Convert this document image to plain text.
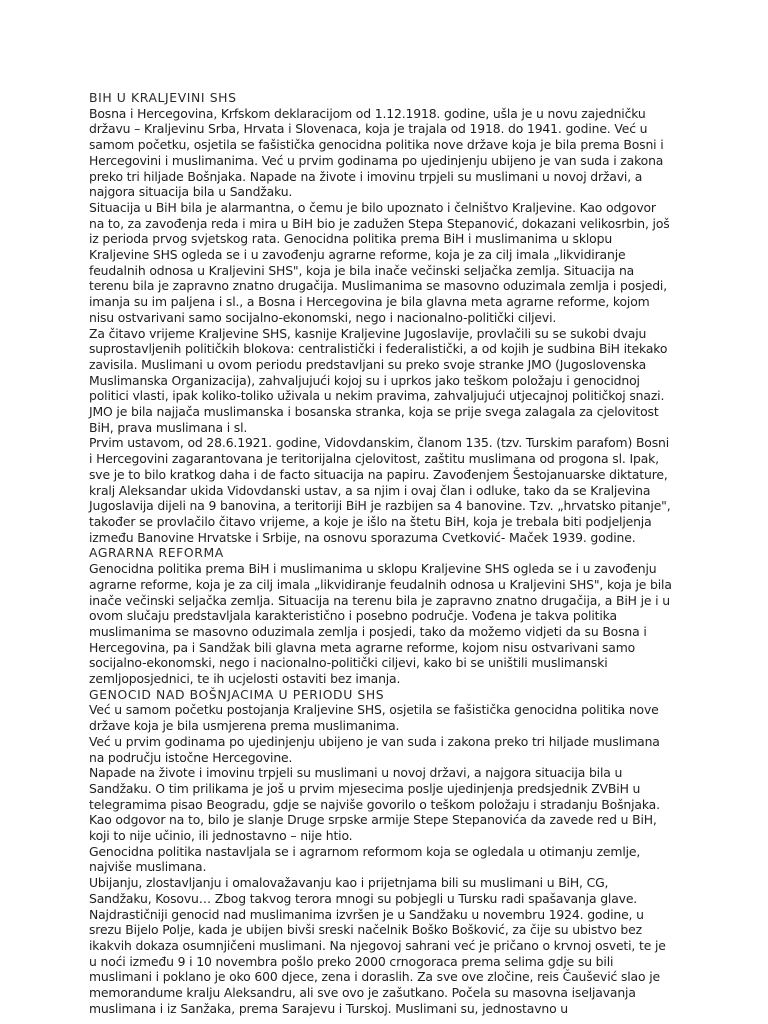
BIH U KRALJEVINI SHS

Bosna i Hercegovina, Krfskom deklaracijom od 1.12.1918. godine, ušla je u novu zajedničku državu – Kraljevinu Srba, Hrvata i Slovenaca, koja je trajala od 1918. do 1941. godine. Već u samom početku, osjetila se fašistička genocidna politika nove države koja je bila prema Bosni i Hercegovini i muslimanima. Već u prvim godinama po ujedinjenju ubijeno je van suda i zakona preko tri hiljade Bošnjaka. Napade na živote i imovinu trpjeli su muslimani u novoj državi, a najgora situacija bila u Sandžaku.

Situacija u BiH bila je alarmantna, o čemu je bilo upoznato i čelništvo Kraljevine. Kao odgovor na to, za zavođenja reda i mira u BiH bio je zadužen Stepa Stepanović, dokazani velikosrbin, još iz perioda prvog svjetskog rata. Genocidna politika prema BiH i muslimanima u sklopu Kraljevine SHS ogleda se i u zavođenju agrarne reforme, koja je za cilj imala „likvidiranje feudalnih odnosa u Kraljevini SHS", koja je bila inače večinski seljačka zemlja. Situacija na terenu bila je zapravno znatno drugačija. Muslimanima se masovno oduzimala zemlja i posjedi, imanja su im paljena i sl., a Bosna i Hercegovina je bila glavna meta agrarne reforme, kojom nisu ostvarivani samo socijalno-ekonomski, nego i nacionalno-politički ciljevi.

Za čitavo vrijeme Kraljevine SHS, kasnije Kraljevine Jugoslavije, provlačili su se sukobi dvaju suprostavljenih političkih blokova: centralistički i federalistički, a od kojih je sudbina BiH itekako zavisila. Muslimani u ovom periodu predstavljani su preko svoje stranke JMO (Jugoslovenska Muslimanska Organizacija), zahvaljujući kojoj su i uprkos jako teškom položaju i genocidnoj politici vlasti, ipak koliko-toliko uživala u nekim pravima, zahvaljujući utjecajnoj političkoj snazi. JMO je bila najjača muslimanska i bosanska stranka, koja se prije svega zalagala za cjelovitost BiH, prava muslimana i sl.

Prvim ustavom, od 28.6.1921. godine, Vidovdanskim, članom 135. (tzv. Turskim parafom) Bosni i Hercegovini zagarantovana je teritorijalna cjelovitost, zaštitu muslimana od progona sl. Ipak, sve je to bilo kratkog daha i de facto situacija na papiru. Zavođenjem Šestojanuarske diktature, kralj Aleksandar ukida Vidovdanski ustav, a sa njim i ovaj član i odluke, tako da se Kraljevina Jugoslavija dijeli na 9 banovina, a teritoriji BiH je razbijen sa 4 banovine. Tzv. „hrvatsko pitanje", također se provlačilo čitavo vrijeme, a koje je išlo na štetu BiH, koja je trebala biti podjeljenja između Banovine Hrvatske i Srbije, na osnovu sporazuma Cvetković- Maček 1939. godine.

AGRARNA REFORMA

Genocidna politika prema BiH i muslimanima u sklopu Kraljevine SHS ogleda se i u zavođenju agrarne reforme, koja je za cilj imala „likvidiranje feudalnih odnosa u Kraljevini SHS", koja je bila inače večinski seljačka zemlja. Situacija na terenu bila je zapravno znatno drugačija, a BiH je i u ovom slučaju predstavljala karakteristično i posebno područje. Vođena je takva politika muslimanima se masovno oduzimala zemlja i posjedi, tako da možemo vidjeti da su Bosna i Hercegovina, pa i Sandžak bili glavna meta agrarne reforme, kojom nisu ostvarivani samo socijalno-ekonomski, nego i nacionalno-politički ciljevi, kako bi se uništili muslimanski zemljoposjednici, te ih ucjelosti ostaviti bez imanja.

GENOCID NAD BOŠNJACIMA U PERIODU SHS

Već u samom početku postojanja Kraljevine SHS, osjetila se fašistička genocidna politika nove države koja je bila usmjerena prema muslimanima.

Već u prvim godinama po ujedinjenju ubijeno je van suda i zakona preko tri hiljade muslimana na području istočne Hercegovine.

Napade na živote i imovinu trpjeli su muslimani u novoj državi, a najgora situacija bila u Sandžaku. O tim prilikama je još u prvim mjesecima poslje ujedinjenja predsjednik ZVBiH u telegramima pisao Beogradu, gdje se najviše govorilo o teškom položaju i stradanju Bošnjaka. Kao odgovor na to, bilo je slanje Druge srpske armije Stepe Stepanovića da zavede red u BiH, koji to nije učinio, ili jednostavno – nije htio.

Genocidna politika nastavljala se i agrarnom reformom koja se ogledala u otimanju zemlje, najviše muslimana.

Ubijanju, zlostavljanju i omalovažavanju kao i prijetnjama bili su muslimani u BiH, CG, Sandžaku, Kosovu… Zbog takvog terora mnogi su pobjegli u Tursku radi spašavanja glave. Najdrastičniji genocid nad muslimanima izvršen je u Sandžaku u novembru 1924. godine, u srezu Bijelo Polje, kada je ubijen bivši sreski načelnik Boško Bošković, za čije su ubistvo bez ikakvih dokaza osumnjičeni muslimani. Na njegovoj sahrani već je pričano o krvnoj osveti, te je u noći između 9 i 10 novembra pošlo preko 2000 crnogoraca prema selima gdje su bili muslimani i poklano je oko 600 djece, zena i doraslih. Za sve ove zločine, reis Čaušević slao je memorandume kralju Aleksandru, ali sve ovo je zašutkano. Počela su masovna iseljavanja muslimana i iz Sanžaka, prema Sarajevu i Turskoj. Muslimani su, jednostavno u
